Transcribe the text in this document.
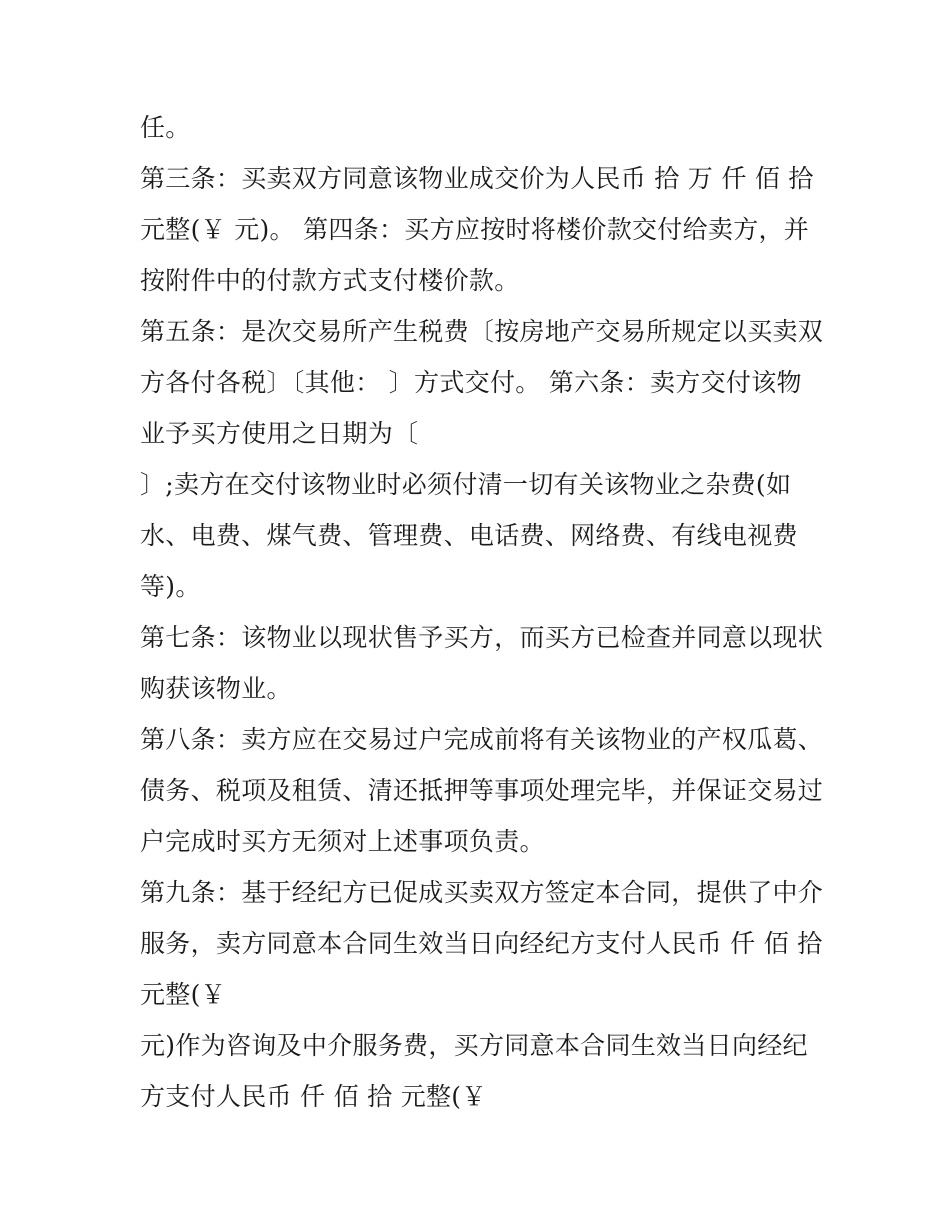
任。

第三条：买卖双方同意该物业成交价为人民币 拾 万 仟 佰 拾

元整(￥ 元)。 第四条：买方应按时将楼价款交付给卖方，并

按附件中的付款方式支付楼价款。

第五条：是次交易所产生税费〔按房地产交易所规定以买卖双

方各付各税〕〔其他： 〕方式交付。 第六条：卖方交付该物

业予买方使用之日期为〔

〕;卖方在交付该物业时必须付清一切有关该物业之杂费(如

水、电费、煤气费、管理费、电话费、网络费、有线电视费

等)。

第七条：该物业以现状售予买方，而买方已检查并同意以现状

购获该物业。

第八条：卖方应在交易过户完成前将有关该物业的产权瓜葛、

债务、税项及租赁、清还抵押等事项处理完毕，并保证交易过

户完成时买方无须对上述事项负责。

第九条：基于经纪方已促成买卖双方签定本合同，提供了中介

服务，卖方同意本合同生效当日向经纪方支付人民币 仟 佰 拾

元整(￥

元)作为咨询及中介服务费，买方同意本合同生效当日向经纪

方支付人民币 仟 佰 拾 元整(￥
